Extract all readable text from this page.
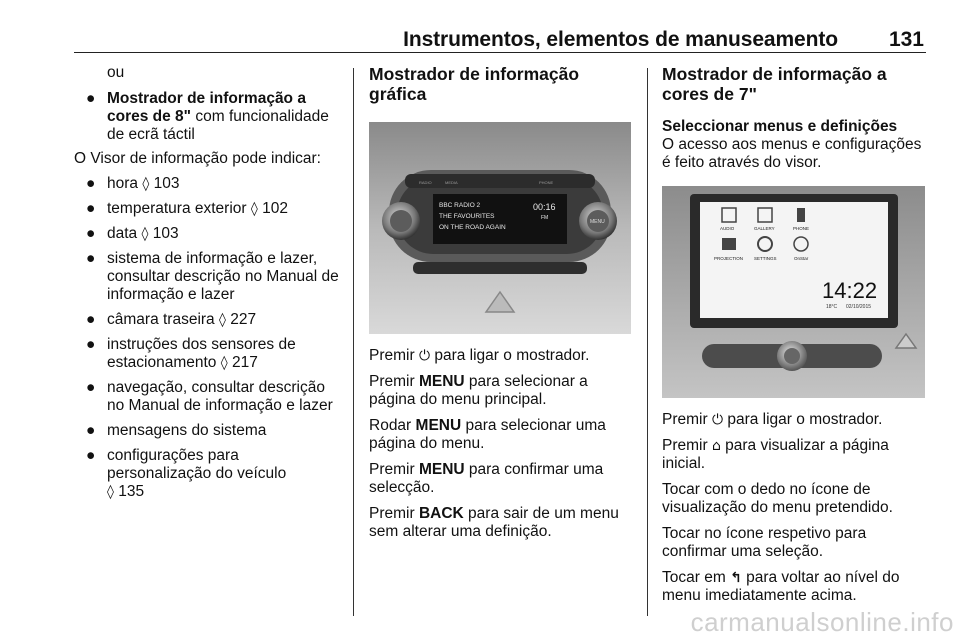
Instrumentos, elementos de manuseamento 131

ou

● Mostrador de informação a cores de 8" com funcionalidade de ecrã táctil

O Visor de informação pode indicar:

● hora ◊ 103
● temperatura exterior ◊ 102
● data ◊ 103
● sistema de informação e lazer, consultar descrição no Manual de informação e lazer
● câmara traseira ◊ 227
● instruções dos sensores de estacionamento ◊ 217
● navegação, consultar descrição no Manual de informação e lazer
● mensagens do sistema
● configurações para personalização do veículo
◊ 135

Mostrador de informação gráfica

RADIO	MEDIA	PHONE
BBC RADIO 2
THE FAVOURITES
ON THE ROAD AGAIN
00:16
FM
MENU

Premir ⏻ para ligar o mostrador.

Premir MENU para selecionar a página do menu principal.

Rodar MENU para selecionar uma página do menu.

Premir MENU para confirmar uma selecção.

Premir BACK para sair de um menu sem alterar uma definição.

Mostrador de informação a cores de 7"

Seleccionar menus e definições

O acesso aos menus e configurações é feito através do visor.

AUDIO	GALLERY	PHONE
PROJECTION SETTINGS	OnStar
14:22
18°C 02/10/2015

Premir ⏻ para ligar o mostrador.

Premir ⌂ para visualizar a página inicial.

Tocar com o dedo no ícone de visualização do menu pretendido.

Tocar no ícone respetivo para confirmar uma seleção.

Tocar em ↰ para voltar ao nível do menu imediatamente acima.

carmanualsonline.info
